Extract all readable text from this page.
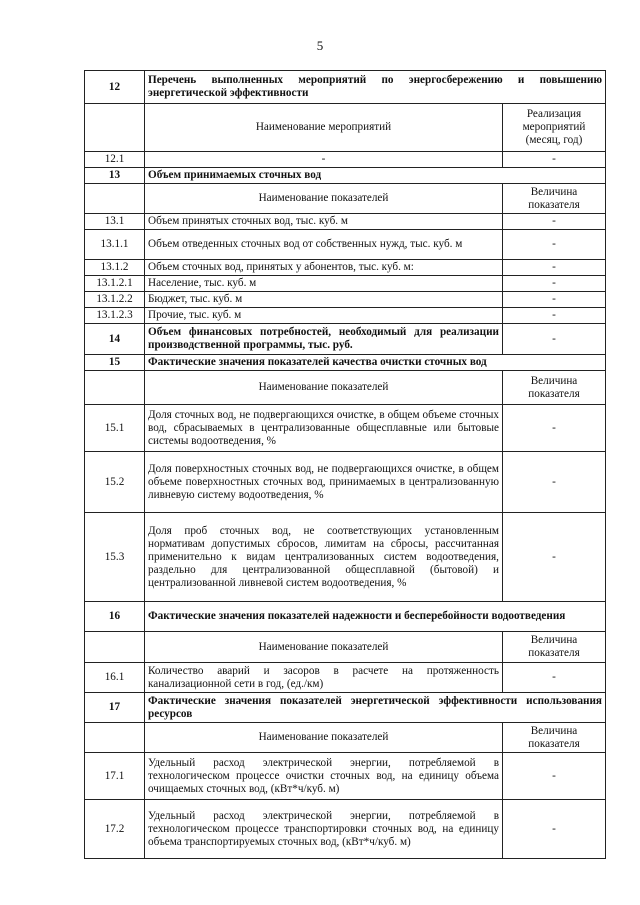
5
12	Перечень выполненных мероприятий по энергосбережению и повышению энергетической эффективности	
	Наименование мероприятий	Реализация мероприятий (месяц, год)
12.1	-	-
13	Объем принимаемых сточных вод	
	Наименование показателей	Величина показателя
13.1	Объем принятых сточных вод, тыс. куб. м	-
13.1.1	Объем отведенных сточных вод от собственных нужд, тыс. куб. м	-
13.1.2	Объем сточных вод, принятых у абонентов, тыс. куб. м:	-
13.1.2.1	Население, тыс. куб. м	-
13.1.2.2	Бюджет, тыс. куб. м	-
13.1.2.3	Прочие, тыс. куб. м	-
14	Объем финансовых потребностей, необходимый для реализации производственной программы, тыс. руб.	-
15	Фактические значения показателей качества очистки сточных вод	
	Наименование показателей	Величина показателя
15.1	Доля сточных вод, не подвергающихся очистке, в общем объеме сточных вод, сбрасываемых в централизованные общесплавные или бытовые системы водоотведения, %	-
15.2	Доля поверхностных сточных вод, не подвергающихся очистке, в общем объеме поверхностных сточных вод, принимаемых в централизованную ливневую систему водоотведения, %	-
15.3	Доля проб сточных вод, не соответствующих установленным нормативам допустимых сбросов, лимитам на сбросы, рассчитанная применительно к видам централизованных систем водоотведения, раздельно для централизованной общесплавной (бытовой) и централизованной ливневой систем водоотведения, %	-
16	Фактические значения показателей надежности и бесперебойности водоотведения	
	Наименование показателей	Величина показателя
16.1	Количество аварий и засоров в расчете на протяженность канализационной сети в год, (ед./км)	-
17	Фактические значения показателей энергетической эффективности использования ресурсов	
	Наименование показателей	Величина показателя
17.1	Удельный расход электрической энергии, потребляемой в технологическом процессе очистки сточных вод, на единицу объема очищаемых сточных вод, (кВт*ч/куб. м)	-
17.2	Удельный расход электрической энергии, потребляемой в технологическом процессе транспортировки сточных вод, на единицу объема транспортируемых сточных вод, (кВт*ч/куб. м)	-
